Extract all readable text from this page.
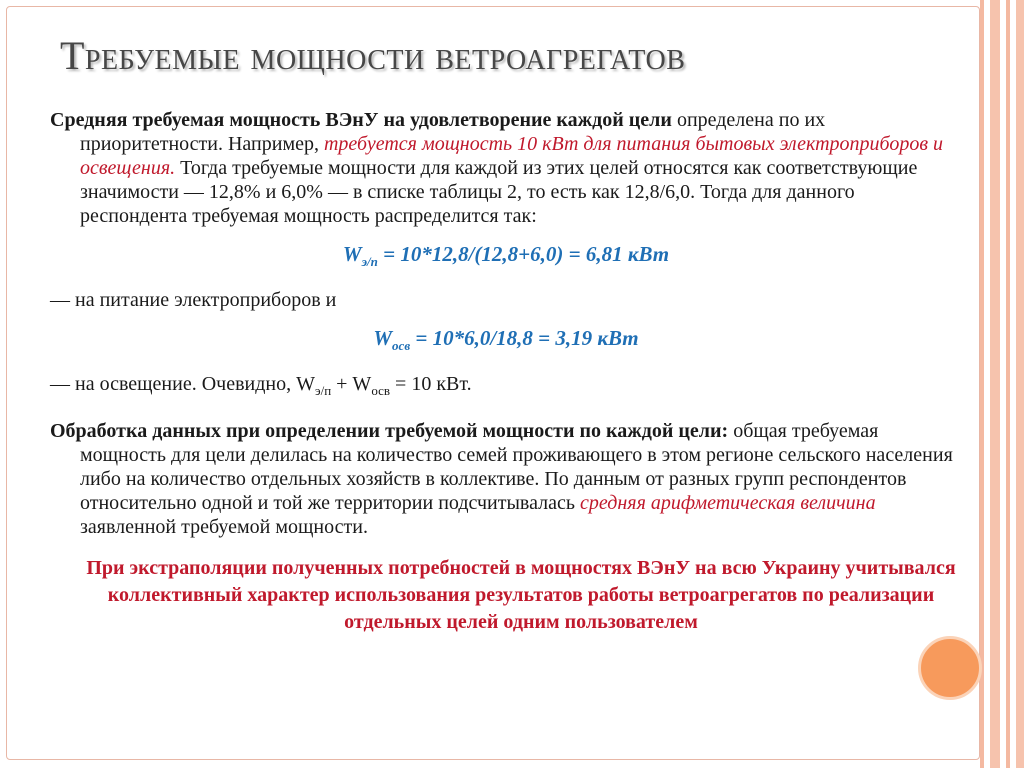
Требуемые мощности ветроагрегатов

Средняя требуемая мощность ВЭнУ на удовлетворение каждой цели определена по их приоритетности. Например, требуется мощность 10 кВт для питания бытовых электроприборов и освещения. Тогда требуемые мощности для каждой из этих целей относятся как соответствующие значимости — 12,8% и 6,0% — в списке таблицы 2, то есть как 12,8/6,0. Тогда для данного респондента требуемая мощность распределится так:

$W_{э/п} = 10*12,8/(12,8+6,0) = 6,81$ кВт

— на питание электроприборов и

$W_{осв} = 10*6,0/18,8 = 3,19$ кВт

— на освещение. Очевидно, $W_{э/п} + W_{осв} = 10$ кВт.

Обработка данных при определении требуемой мощности по каждой цели: общая требуемая мощность для цели делилась на количество семей проживающего в этом регионе сельского населения либо на количество отдельных хозяйств в коллективе. По данным от разных групп респондентов относительно одной и той же территории подсчитывалась средняя арифметическая величина заявленной требуемой мощности.

При экстраполяции полученных потребностей в мощностях ВЭнУ на всю Украину учитывался коллективный характер использования результатов работы ветроагрегатов по реализации отдельных целей одним пользователем
